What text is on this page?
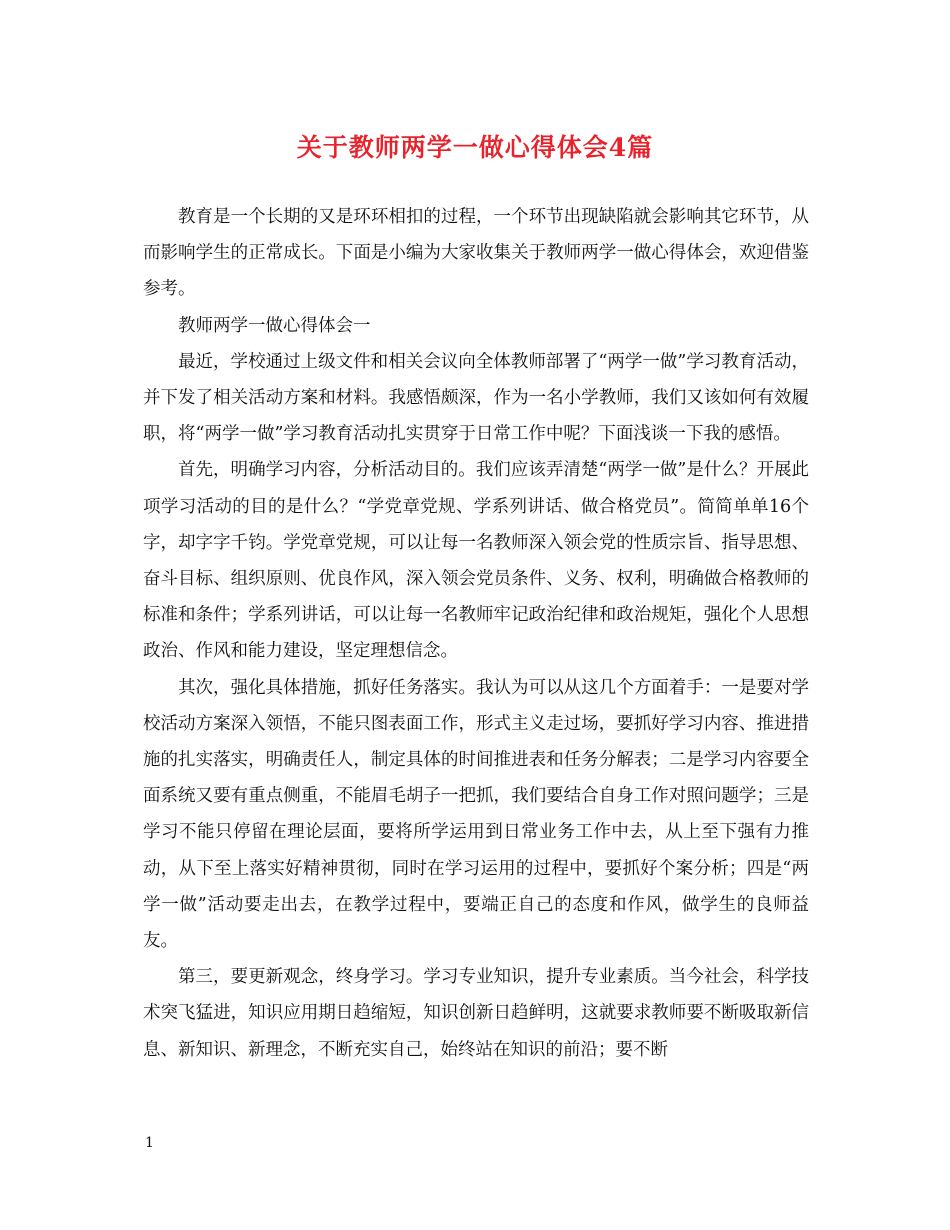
关于教师两学一做心得体会4篇

教育是一个长期的又是环环相扣的过程，一个环节出现缺陷就会影响其它环节，从而影响学生的正常成长。下面是小编为大家收集关于教师两学一做心得体会，欢迎借鉴参考。

教师两学一做心得体会一

最近，学校通过上级文件和相关会议向全体教师部署了“两学一做”学习教育活动，并下发了相关活动方案和材料。我感悟颇深，作为一名小学教师，我们又该如何有效履职，将“两学一做”学习教育活动扎实贯穿于日常工作中呢？下面浅谈一下我的感悟。

首先，明确学习内容，分析活动目的。我们应该弄清楚“两学一做”是什么？开展此项学习活动的目的是什么？“学党章党规、学系列讲话、做合格党员”。简简单单16个字，却字字千钧。学党章党规，可以让每一名教师深入领会党的性质宗旨、指导思想、奋斗目标、组织原则、优良作风，深入领会党员条件、义务、权利，明确做合格教师的标准和条件；学系列讲话，可以让每一名教师牢记政治纪律和政治规矩，强化个人思想政治、作风和能力建设，坚定理想信念。

其次，强化具体措施，抓好任务落实。我认为可以从这几个方面着手：一是要对学校活动方案深入领悟，不能只图表面工作，形式主义走过场，要抓好学习内容、推进措施的扎实落实，明确责任人，制定具体的时间推进表和任务分解表；二是学习内容要全面系统又要有重点侧重，不能眉毛胡子一把抓，我们要结合自身工作对照问题学；三是学习不能只停留在理论层面，要将所学运用到日常业务工作中去，从上至下强有力推动，从下至上落实好精神贯彻，同时在学习运用的过程中，要抓好个案分析；四是“两学一做”活动要走出去，在教学过程中，要端正自己的态度和作风，做学生的良师益友。

第三，要更新观念，终身学习。学习专业知识，提升专业素质。当今社会，科学技术突飞猛进，知识应用期日趋缩短，知识创新日趋鲜明，这就要求教师要不断吸取新信息、新知识、新理念，不断充实自己，始终站在知识的前沿；要不断

1
